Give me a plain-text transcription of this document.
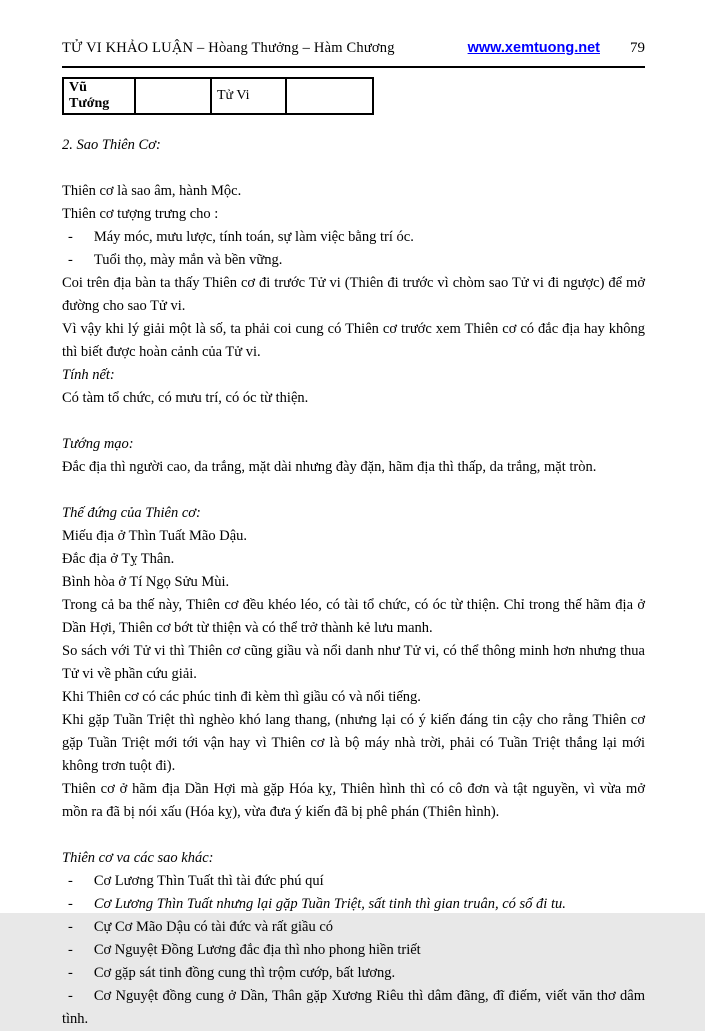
TỬ VI KHẢO LUẬN – Hòang Thưởng – Hàm Chương	www.xemtuong.net 79
Vũ Tướng		Tử Vi	
2. Sao Thiên Cơ:
Thiên cơ là sao âm, hành Mộc.
Thiên cơ tượng trưng cho :
- Máy móc, mưu lược, tính toán, sự làm việc bằng trí óc.
- Tuổi thọ, mày mắn và bền vững.
Coi trên địa bàn ta thấy Thiên cơ đi trước Tử vi (Thiên đi trước vì chòm sao Tử vi đi ngược) để mở đường cho sao Tử vi.
Vì vậy khi lý giải một là số, ta phải coi cung có Thiên cơ trước xem Thiên cơ có đắc địa hay không thì biết được hoàn cảnh của Tử vi.
Tính nết:
Có tàm tổ chức, có mưu trí, có óc từ thiện.
Tướng mạo:
Đắc địa thì người cao, da trắng, mặt dài nhưng đày đặn, hãm địa thì thấp, da trắng, mặt tròn.
Thế đứng của Thiên cơ:
Miếu địa ở Thìn Tuất Mão Dậu.
Đắc địa ở Tỵ Thân.
Bình hòa ở Tí Ngọ Sửu Mùi.
Trong cả ba thế này, Thiên cơ đều khéo léo, có tài tổ chức, có óc từ thiện. Chỉ trong thế hãm địa ở Dần Hợi, Thiên cơ bớt từ thiện và có thể trở thành kẻ lưu manh.
So sách với Tử vi thì Thiên cơ cũng giầu và nổi danh như Tử vi, có thể thông minh hơn nhưng thua Tử vi về phần cứu giải.
Khi Thiên cơ có các phúc tinh đi kèm thì giầu có và nổi tiếng.
Khi gặp Tuần Triệt thì nghèo khó lang thang, (nhưng lại có ý kiến đáng tin cậy cho rằng Thiên cơ gặp Tuần Triệt mới tới vận hay vì Thiên cơ là bộ máy nhà trời, phải có Tuần Triệt thắng lại mới không trơn tuột đi).
Thiên cơ ở hãm địa Dần Hợi mà gặp Hóa kỵ, Thiên hình thì có cô đơn và tật nguyền, vì vừa mở mồn ra đã bị nói xấu (Hóa kỵ), vừa đưa ý kiến đã bị phê phán (Thiên hình).
Thiên cơ va các sao khác:
- Cơ Lương Thìn Tuất thì tài đức phú quí
- Cơ Lương Thìn Tuất nhưng lại gặp Tuần Triệt, sất tinh thì gian truân, có số đi tu.
- Cự Cơ Mão Dậu có tài đức và rất giầu có
- Cơ Nguyệt Đồng Lương đắc địa thì nho phong hiền triết
- Cơ gặp sát tinh đồng cung thì trộm cướp, bất lương.
- Cơ Nguyệt đồng cung ở Dần, Thân gặp Xương Riêu thì dâm đãng, đĩ điếm, viết văn thơ dâm tình.
